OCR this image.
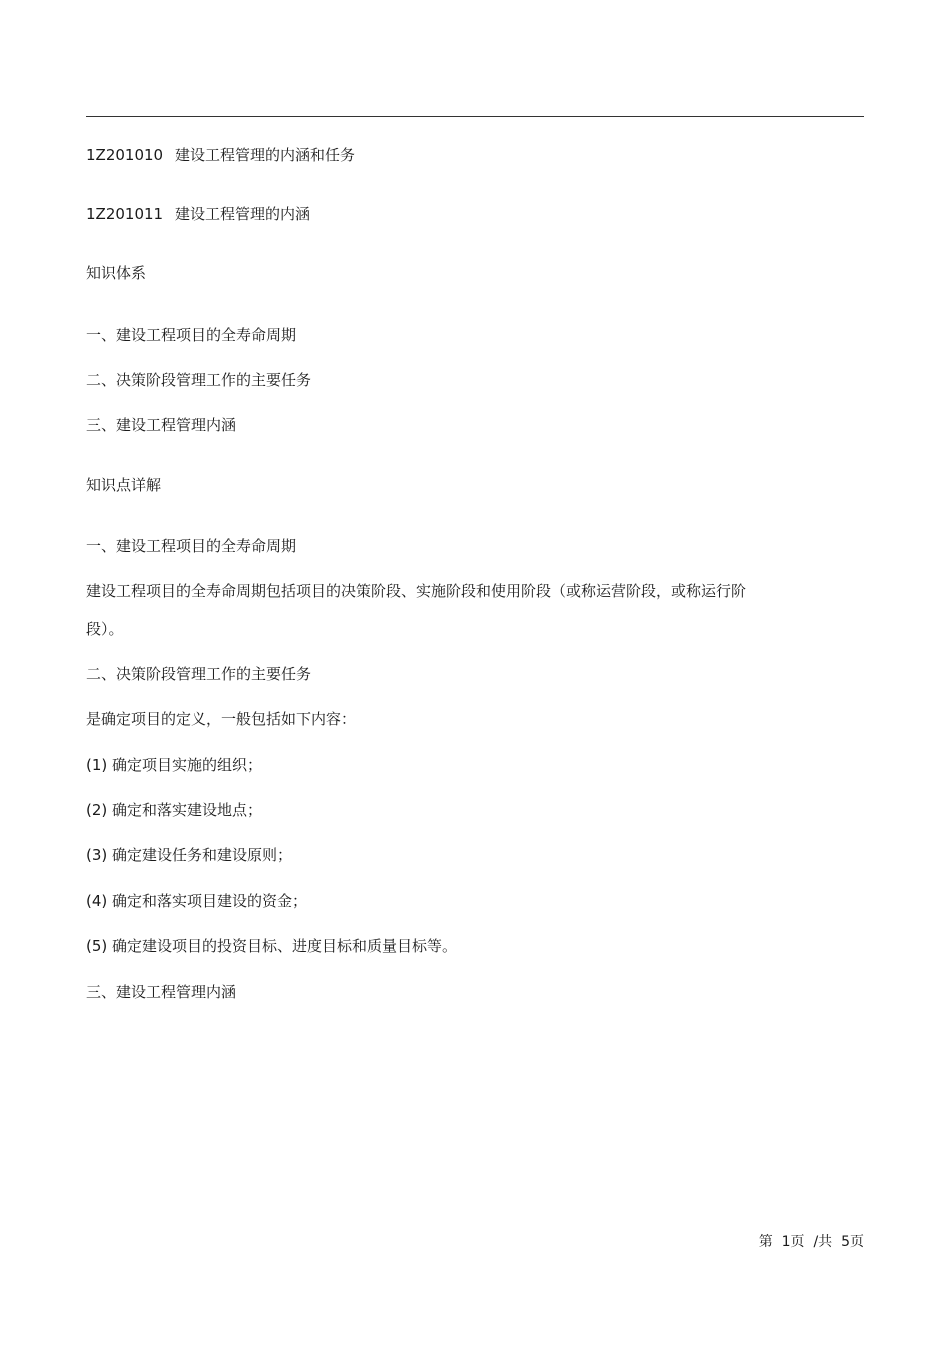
1Z201010 建设工程管理的内涵和任务
1Z201011 建设工程管理的内涵
知识体系
一、建设工程项目的全寿命周期
二、决策阶段管理工作的主要任务
三、建设工程管理内涵
知识点详解
一、建设工程项目的全寿命周期
建设工程项目的全寿命周期包括项目的决策阶段、实施阶段和使用阶段（或称运营阶段，或称运行阶
段）。
二、决策阶段管理工作的主要任务
是确定项目的定义，一般包括如下内容：
(1) 确定项目实施的组织；
(2) 确定和落实建设地点；
(3) 确定建设任务和建设原则；
(4) 确定和落实项目建设的资金；
(5) 确定建设项目的投资目标、进度目标和质量目标等。
三、建设工程管理内涵
第 1页 /共 5页
